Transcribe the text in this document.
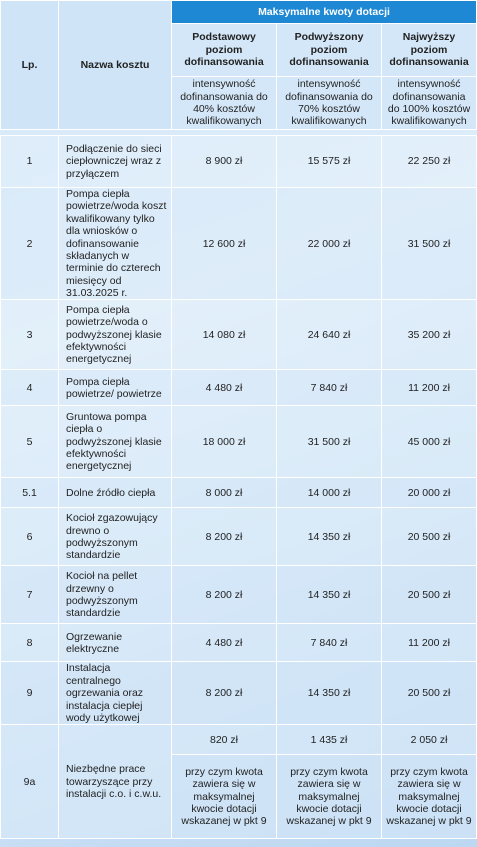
Lp.	Nazwa kosztu	Maksymalne kwoty dotacji		
		Podstawowy poziom dofinansowania	Podwyższony poziom dofinansowania	Najwyższy poziom dofinansowania
		intensywność dofinansowania do 40% kosztów kwalifikowanych	intensywność dofinansowania do 70% kosztów kwalifikowanych	intensywność dofinansowania do 100% kosztów kwalifikowanych

1	Podłączenie do sieci ciepłowniczej wraz z przyłączem	8 900 zł	15 575 zł	22 250 zł
2	Pompa ciepła powietrze/woda koszt kwalifikowany tylko dla wniosków o dofinansowanie składanych w terminie do czterech miesięcy od 31.03.2025 r.	12 600 zł	22 000 zł	31 500 zł
3	Pompa ciepła powietrze/woda o podwyższonej klasie efektywności energetycznej	14 080 zł	24 640 zł	35 200 zł
4	Pompa ciepła powietrze/ powietrze	4 480 zł	7 840 zł	11 200 zł
5	Gruntowa pompa ciepła o podwyższonej klasie efektywności energetycznej	18 000 zł	31 500 zł	45 000 zł
5.1	Dolne źródło ciepła	8 000 zł	14 000 zł	20 000 zł
6	Kocioł zgazowujący drewno o podwyższonym standardzie	8 200 zł	14 350 zł	20 500 zł
7	Kocioł na pellet drzewny o podwyższonym standardzie	8 200 zł	14 350 zł	20 500 zł
8	Ogrzewanie elektryczne	4 480 zł	7 840 zł	11 200 zł
9	Instalacja centralnego ogrzewania oraz instalacja ciepłej wody użytkowej	8 200 zł	14 350 zł	20 500 zł
9a	Niezbędne prace towarzyszące przy instalacji c.o. i c.w.u.	820 zł	1 435 zł	2 050 zł
		przy czym kwota zawiera się w maksymalnej kwocie dotacji wskazanej w pkt 9	przy czym kwota zawiera się w maksymalnej kwocie dotacji wskazanej w pkt 9	przy czym kwota zawiera się w maksymalnej kwocie dotacji wskazanej w pkt 9
